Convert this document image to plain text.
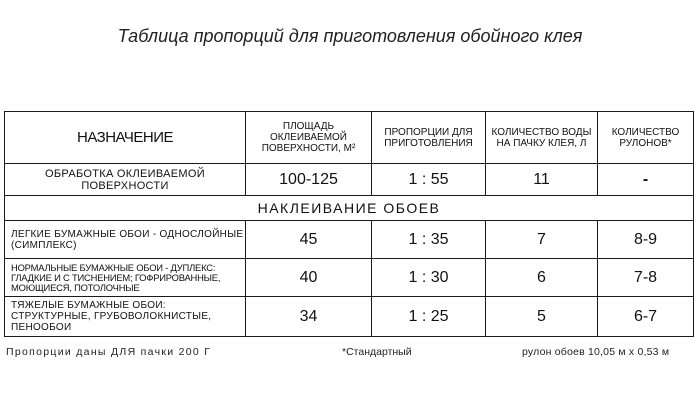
Таблица пропорций для приготовления обойного клея
НАЗНАЧЕНИЕ	ПЛОЩАДЬ ОКЛЕИВАЕМОЙ ПОВЕРХНОСТИ, М²	ПРОПОРЦИИ ДЛЯ ПРИГОТОВЛЕНИЯ	КОЛИЧЕСТВО ВОДЫ НА ПАЧКУ КЛЕЯ, Л	КОЛИЧЕСТВО РУЛОНОВ*
ОБРАБОТКА ОКЛЕИВАЕМОЙ ПОВЕРХНОСТИ	100-125	1 : 55	11	-
НАКЛЕИВАНИЕ ОБОЕВ				
ЛЕГКИЕ БУМАЖНЫЕ ОБОИ - ОДНОСЛОЙНЫЕ (СИМПЛЕКС)	45	1 : 35	7	8-9
НОРМАЛЬНЫЕ БУМАЖНЫЕ ОБОИ - ДУПЛЕКС: ГЛАДКИЕ И С ТИСНЕНИЕМ; ГОФРИРОВАННЫЕ, МОЮЩИЕСЯ, ПОТОЛОЧНЫЕ	40	1 : 30	6	7-8
ТЯЖЕЛЫЕ БУМАЖНЫЕ ОБОИ: СТРУКТУРНЫЕ, ГРУБОВОЛОКНИСТЫЕ, ПЕНООБОИ	34	1 : 25	5	6-7
Пропорции даны ДЛЯ пачки 200 Г	*Стандартный	рулон обоев 10,05 м х 0,53 м
